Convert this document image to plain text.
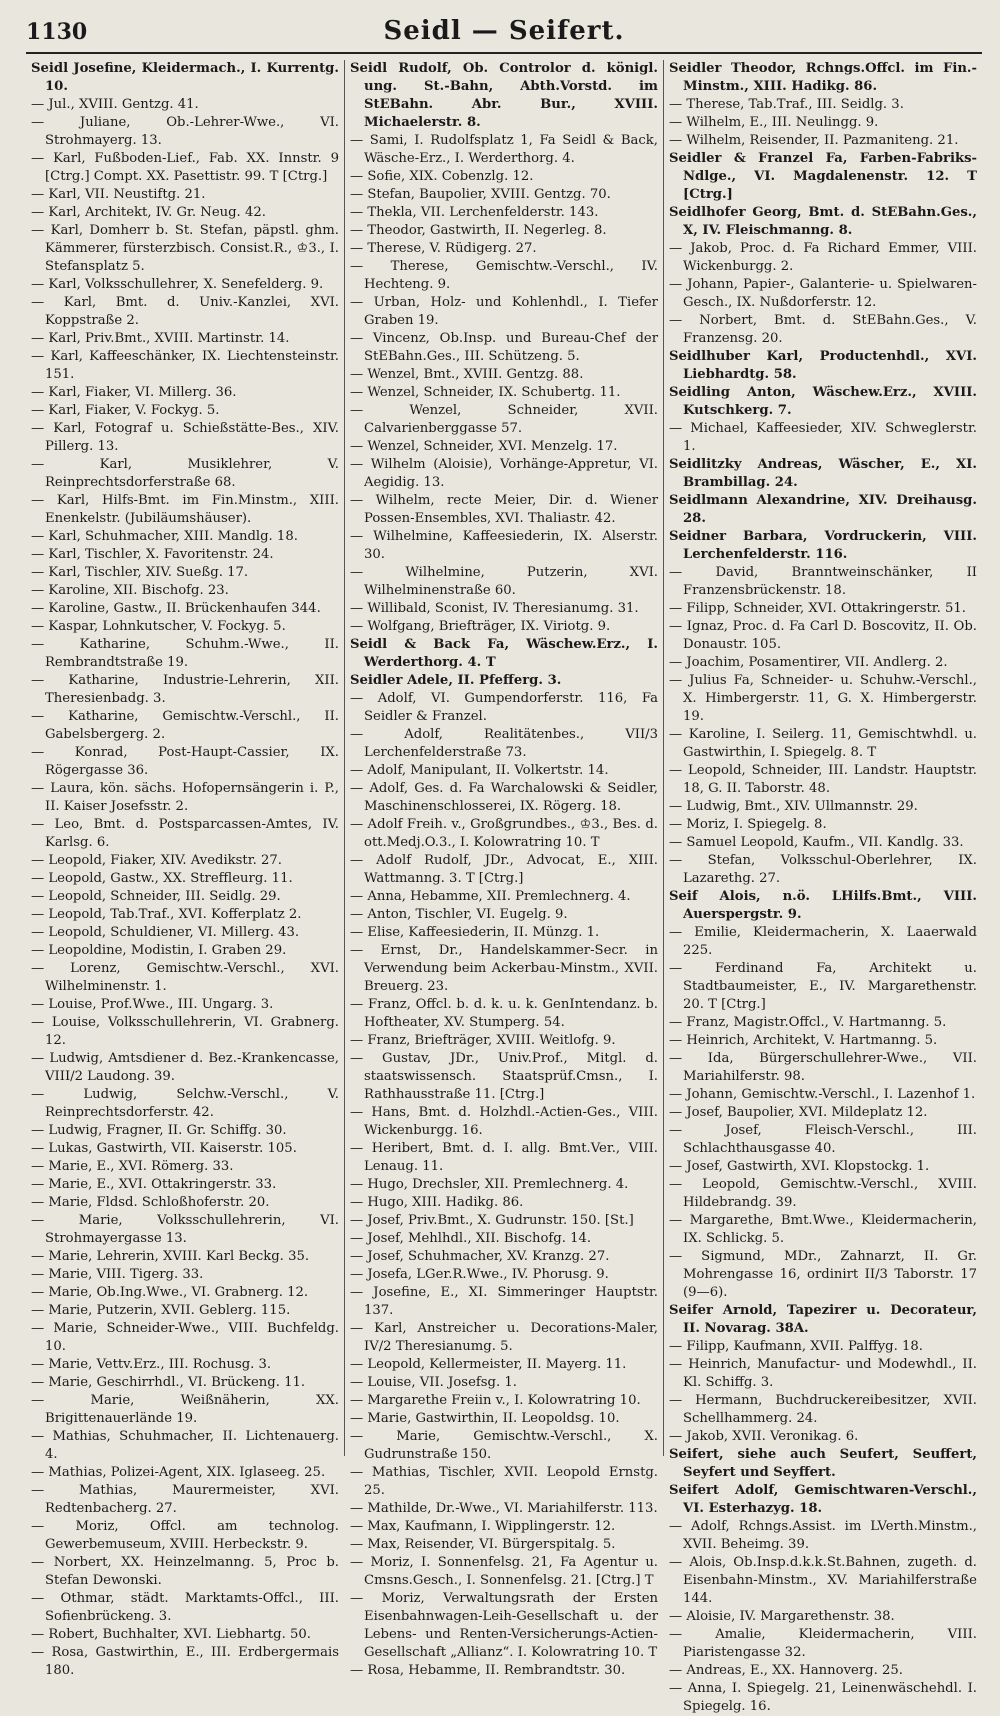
1130	Seidl — Seifert.
Seidl Josefine, Kleidermach., I. Kurrentg. 10.
— Jul., XVIII. Gentzg. 41.
— Juliane, Ob.-Lehrer-Wwe., VI. Strohmayerg. 13.
— Karl, Fußboden-Lief., Fab. XX. Innstr. 9 [Ctrg.] Compt. XX. Pasettistr. 99. T [Ctrg.]
— Karl, VII. Neustiftg. 21.
— Karl, Architekt, IV. Gr. Neug. 42.
— Karl, Domherr b. St. Stefan, päpstl. ghm. Kämmerer, fürsterzbisch. Consist.R., ♔3., I. Stefansplatz 5.
— Karl, Volksschullehrer, X. Senefelderg. 9.
— Karl, Bmt. d. Univ.-Kanzlei, XVI. Koppstraße 2.
— Karl, Priv.Bmt., XVIII. Martinstr. 14.
— Karl, Kaffeeschänker, IX. Liechtensteinstr. 151.
— Karl, Fiaker, VI. Millerg. 36.
— Karl, Fiaker, V. Fockyg. 5.
— Karl, Fotograf u. Schießstätte-Bes., XIV. Pillerg. 13.
— Karl, Musiklehrer, V. Reinprechtsdorferstraße 68.
— Karl, Hilfs-Bmt. im Fin.Minstm., XIII. Enenkelstr. (Jubiläumshäuser).
— Karl, Schuhmacher, XIII. Mandlg. 18.
— Karl, Tischler, X. Favoritenstr. 24.
— Karl, Tischler, XIV. Sueßg. 17.
— Karoline, XII. Bischofg. 23.
— Karoline, Gastw., II. Brückenhaufen 344.
— Kaspar, Lohnkutscher, V. Fockyg. 5.
— Katharine, Schuhm.-Wwe., II. Rembrandtstraße 19.
— Katharine, Industrie-Lehrerin, XII. Theresienbadg. 3.
— Katharine, Gemischtw.-Verschl., II. Gabelsbergerg. 2.
— Konrad, Post-Haupt-Cassier, IX. Rögergasse 36.
— Laura, kön. sächs. Hofopernsängerin i. P., II. Kaiser Josefsstr. 2.
— Leo, Bmt. d. Postsparcassen-Amtes, IV. Karlsg. 6.
— Leopold, Fiaker, XIV. Avedikstr. 27.
— Leopold, Gastw., XX. Streffleurg. 11.
— Leopold, Schneider, III. Seidlg. 29.
— Leopold, Tab.Traf., XVI. Kofferplatz 2.
— Leopold, Schuldiener, VI. Millerg. 43.
— Leopoldine, Modistin, I. Graben 29.
— Lorenz, Gemischtw.-Verschl., XVI. Wilhelminenstr. 1.
— Louise, Prof.Wwe., III. Ungarg. 3.
— Louise, Volksschullehrerin, VI. Grabnerg. 12.
— Ludwig, Amtsdiener d. Bez.-Krankencasse, VIII/2 Laudong. 39.
— Ludwig, Selchw.-Verschl., V. Reinprechtsdorferstr. 42.
— Ludwig, Fragner, II. Gr. Schiffg. 30.
— Lukas, Gastwirth, VII. Kaiserstr. 105.
— Marie, E., XVI. Römerg. 33.
— Marie, E., XVI. Ottakringerstr. 33.
— Marie, Fldsd. Schloßhoferstr. 20.
— Marie, Volksschullehrerin, VI. Strohmayergasse 13.
— Marie, Lehrerin, XVIII. Karl Beckg. 35.
— Marie, VIII. Tigerg. 33.
— Marie, Ob.Ing.Wwe., VI. Grabnerg. 12.
— Marie, Putzerin, XVII. Geblerg. 115.
— Marie, Schneider-Wwe., VIII. Buchfeldg. 10.
— Marie, Vettv.Erz., III. Rochusg. 3.
— Marie, Geschirrhdl., VI. Brückeng. 11.
— Marie, Weißnäherin, XX. Brigittenauerlände 19.
— Mathias, Schuhmacher, II. Lichtenauerg. 4.
— Mathias, Polizei-Agent, XIX. Iglaseeg. 25.
— Mathias, Maurermeister, XVI. Redtenbacherg. 27.
— Moriz, Offcl. am technolog. Gewerbemuseum, XVIII. Herbeckstr. 9.
— Norbert, XX. Heinzelmanng. 5, Proc b. Stefan Dewonski.
— Othmar, städt. Marktamts-Offcl., III. Sofienbrückeng. 3.
— Robert, Buchhalter, XVI. Liebhartg. 50.
— Rosa, Gastwirthin, E., III. Erdbergermais 180.
Seidl Rudolf, Ob. Controlor d. königl. ung. St.-Bahn, Abth.Vorstd. im StEBahn. Abr. Bur., XVIII. Michaelerstr. 8.
— Sami, I. Rudolfsplatz 1, Fa Seidl & Back, Wäsche-Erz., I. Werderthorg. 4.
— Sofie, XIX. Cobenzlg. 12.
— Stefan, Baupolier, XVIII. Gentzg. 70.
— Thekla, VII. Lerchenfelderstr. 143.
— Theodor, Gastwirth, II. Negerleg. 8.
— Therese, V. Rüdigerg. 27.
— Therese, Gemischtw.-Verschl., IV. Hechteng. 9.
— Urban, Holz- und Kohlenhdl., I. Tiefer Graben 19.
— Vincenz, Ob.Insp. und Bureau-Chef der StEBahn.Ges., III. Schützeng. 5.
— Wenzel, Bmt., XVIII. Gentzg. 88.
— Wenzel, Schneider, IX. Schubertg. 11.
— Wenzel, Schneider, XVII. Calvarienberggasse 57.
— Wenzel, Schneider, XVI. Menzelg. 17.
— Wilhelm (Aloisie), Vorhänge-Appretur, VI. Aegidig. 13.
— Wilhelm, recte Meier, Dir. d. Wiener Possen-Ensembles, XVI. Thaliastr. 42.
— Wilhelmine, Kaffeesiederin, IX. Alserstr. 30.
— Wilhelmine, Putzerin, XVI. Wilhelminenstraße 60.
— Willibald, Sconist, IV. Theresianumg. 31.
— Wolfgang, Briefträger, IX. Viriotg. 9.
Seidl & Back Fa, Wäschew.Erz., I. Werderthorg. 4. T
Seidler Adele, II. Pfefferg. 3.
— Adolf, VI. Gumpendorferstr. 116, Fa Seidler & Franzel.
— Adolf, Realitätenbes., VII/3 Lerchenfelderstraße 73.
— Adolf, Manipulant, II. Volkertstr. 14.
— Adolf, Ges. d. Fa Warchalowski & Seidler, Maschinenschlosserei, IX. Rögerg. 18.
— Adolf Freih. v., Großgrundbes., ♔3., Bes. d. ott.Medj.O.3., I. Kolowratring 10. T
— Adolf Rudolf, JDr., Advocat, E., XIII. Wattmanng. 3. T [Ctrg.]
— Anna, Hebamme, XII. Premlechnerg. 4.
— Anton, Tischler, VI. Eugelg. 9.
— Elise, Kaffeesiederin, II. Münzg. 1.
— Ernst, Dr., Handelskammer-Secr. in Verwendung beim Ackerbau-Minstm., XVII. Breuerg. 23.
— Franz, Offcl. b. d. k. u. k. GenIntendanz. b. Hoftheater, XV. Stumperg. 54.
— Franz, Briefträger, XVIII. Weitlofg. 9.
— Gustav, JDr., Univ.Prof., Mitgl. d. staatswissensch. Staatsprüf.Cmsn., I. Rathhausstraße 11. [Ctrg.]
— Hans, Bmt. d. Holzhdl.-Actien-Ges., VIII. Wickenburgg. 16.
— Heribert, Bmt. d. I. allg. Bmt.Ver., VIII. Lenaug. 11.
— Hugo, Drechsler, XII. Premlechnerg. 4.
— Hugo, XIII. Hadikg. 86.
— Josef, Priv.Bmt., X. Gudrunstr. 150. [St.]
— Josef, Mehlhdl., XII. Bischofg. 14.
— Josef, Schuhmacher, XV. Kranzg. 27.
— Josefa, LGer.R.Wwe., IV. Phorusg. 9.
— Josefine, E., XI. Simmeringer Hauptstr. 137.
— Karl, Anstreicher u. Decorations-Maler, IV/2 Theresianumg. 5.
— Leopold, Kellermeister, II. Mayerg. 11.
— Louise, VII. Josefsg. 1.
— Margarethe Freiin v., I. Kolowratring 10.
— Marie, Gastwirthin, II. Leopoldsg. 10.
— Marie, Gemischtw.-Verschl., X. Gudrunstraße 150.
— Mathias, Tischler, XVII. Leopold Ernstg. 25.
— Mathilde, Dr.-Wwe., VI. Mariahilferstr. 113.
— Max, Kaufmann, I. Wipplingerstr. 12.
— Max, Reisender, VI. Bürgerspitalg. 5.
— Moriz, I. Sonnenfelsg. 21, Fa Agentur u. Cmsns.Gesch., I. Sonnenfelsg. 21. [Ctrg.] T
— Moriz, Verwaltungsrath der Ersten Eisenbahnwagen-Leih-Gesellschaft u. der Lebens- und Renten-Versicherungs-Actien-Gesellschaft „Allianz“. I. Kolowratring 10. T
— Rosa, Hebamme, II. Rembrandtstr. 30.
Seidler Theodor, Rchngs.Offcl. im Fin.-Minstm., XIII. Hadikg. 86.
— Therese, Tab.Traf., III. Seidlg. 3.
— Wilhelm, E., III. Neulingg. 9.
— Wilhelm, Reisender, II. Pazmaniteng. 21.
Seidler & Franzel Fa, Farben-Fabriks-Ndlge., VI. Magdalenenstr. 12. T [Ctrg.]
Seidlhofer Georg, Bmt. d. StEBahn.Ges., X, IV. Fleischmanng. 8.
— Jakob, Proc. d. Fa Richard Emmer, VIII. Wickenburgg. 2.
— Johann, Papier-, Galanterie- u. Spielwaren-Gesch., IX. Nußdorferstr. 12.
— Norbert, Bmt. d. StEBahn.Ges., V. Franzensg. 20.
Seidlhuber Karl, Productenhdl., XVI. Liebhardtg. 58.
Seidling Anton, Wäschew.Erz., XVIII. Kutschkerg. 7.
— Michael, Kaffeesieder, XIV. Schweglerstr. 1.
Seidlitzky Andreas, Wäscher, E., XI. Brambillag. 24.
Seidlmann Alexandrine, XIV. Dreihausg. 28.
Seidner Barbara, Vordruckerin, VIII. Lerchenfelderstr. 116.
— David, Branntweinschänker, II Franzensbrückenstr. 18.
— Filipp, Schneider, XVI. Ottakringerstr. 51.
— Ignaz, Proc. d. Fa Carl D. Boscovitz, II. Ob. Donaustr. 105.
— Joachim, Posamentirer, VII. Andlerg. 2.
— Julius Fa, Schneider- u. Schuhw.-Verschl., X. Himbergerstr. 11, G. X. Himbergerstr. 19.
— Karoline, I. Seilerg. 11, Gemischtwhdl. u. Gastwirthin, I. Spiegelg. 8. T
— Leopold, Schneider, III. Landstr. Hauptstr. 18, G. II. Taborstr. 48.
— Ludwig, Bmt., XIV. Ullmannstr. 29.
— Moriz, I. Spiegelg. 8.
— Samuel Leopold, Kaufm., VII. Kandlg. 33.
— Stefan, Volksschul-Oberlehrer, IX. Lazarethg. 27.
Seif Alois, n.ö. LHilfs.Bmt., VIII. Auerspergstr. 9.
— Emilie, Kleidermacherin, X. Laaerwald 225.
— Ferdinand Fa, Architekt u. Stadtbaumeister, E., IV. Margarethenstr. 20. T [Ctrg.]
— Franz, Magistr.Offcl., V. Hartmanng. 5.
— Heinrich, Architekt, V. Hartmanng. 5.
— Ida, Bürgerschullehrer-Wwe., VII. Mariahilferstr. 98.
— Johann, Gemischtw.-Verschl., I. Lazenhof 1.
— Josef, Baupolier, XVI. Mildeplatz 12.
— Josef, Fleisch-Verschl., III. Schlachthausgasse 40.
— Josef, Gastwirth, XVI. Klopstockg. 1.
— Leopold, Gemischtw.-Verschl., XVIII. Hildebrandg. 39.
— Margarethe, Bmt.Wwe., Kleidermacherin, IX. Schlickg. 5.
— Sigmund, MDr., Zahnarzt, II. Gr. Mohrengasse 16, ordinirt II/3 Taborstr. 17 (9—6).
Seifer Arnold, Tapezirer u. Decorateur, II. Novarag. 38A.
— Filipp, Kaufmann, XVII. Palffyg. 18.
— Heinrich, Manufactur- und Modewhdl., II. Kl. Schiffg. 3.
— Hermann, Buchdruckereibesitzer, XVII. Schellhammerg. 24.
— Jakob, XVII. Veronikag. 6.
Seifert, siehe auch Seufert, Seuffert, Seyfert und Seyffert.
Seifert Adolf, Gemischtwaren-Verschl., VI. Esterhazyg. 18.
— Adolf, Rchngs.Assist. im LVerth.Minstm., XVII. Beheimg. 39.
— Alois, Ob.Insp.d.k.k.St.Bahnen, zugeth. d. Eisenbahn-Minstm., XV. Mariahilferstraße 144.
— Aloisie, IV. Margarethenstr. 38.
— Amalie, Kleidermacherin, VIII. Piaristengasse 32.
— Andreas, E., XX. Hannoverg. 25.
— Anna, I. Spiegelg. 21, Leinenwäschehdl. I. Spiegelg. 16.
